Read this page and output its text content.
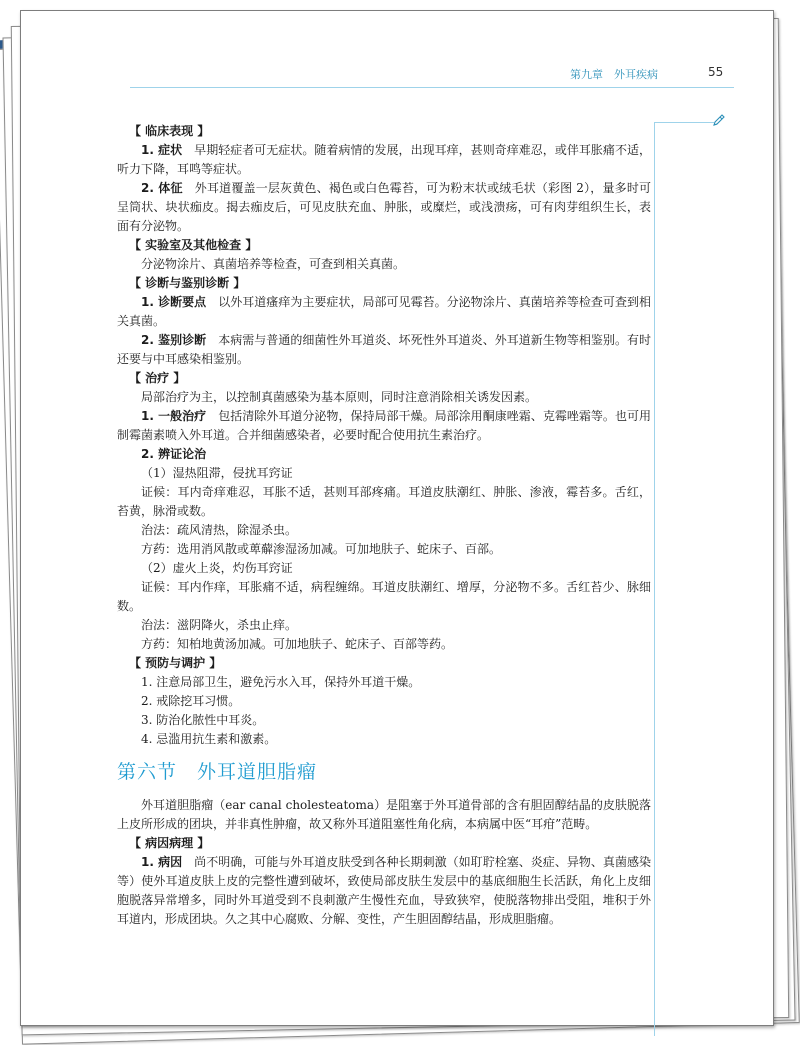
第九章　外耳疾病	55

【 临床表现 】

1. 症状　早期轻症者可无症状。随着病情的发展，出现耳痒，甚则奇痒难忍，或伴耳胀痛不适，听力下降，耳鸣等症状。

2. 体征　外耳道覆盖一层灰黄色、褐色或白色霉苔，可为粉末状或绒毛状（彩图 2），量多时可呈筒状、块状痂皮。揭去痂皮后，可见皮肤充血、肿胀，或糜烂，或浅溃疡，可有肉芽组织生长，表面有分泌物。

【 实验室及其他检查 】

分泌物涂片、真菌培养等检查，可查到相关真菌。

【 诊断与鉴别诊断 】

1. 诊断要点　以外耳道瘙痒为主要症状，局部可见霉苔。分泌物涂片、真菌培养等检查可查到相关真菌。

2. 鉴别诊断　本病需与普通的细菌性外耳道炎、坏死性外耳道炎、外耳道新生物等相鉴别。有时还要与中耳感染相鉴别。

【 治疗 】

局部治疗为主，以控制真菌感染为基本原则，同时注意消除相关诱发因素。

1. 一般治疗　包括清除外耳道分泌物，保持局部干燥。局部涂用酮康唑霜、克霉唑霜等。也可用制霉菌素喷入外耳道。合并细菌感染者，必要时配合使用抗生素治疗。

2. 辨证论治

（1）湿热阻滞，侵扰耳窍证

证候：耳内奇痒难忍，耳胀不适，甚则耳部疼痛。耳道皮肤潮红、肿胀、渗液，霉苔多。舌红，苔黄，脉滑或数。

治法：疏风清热，除湿杀虫。

方药：选用消风散或萆薢渗湿汤加减。可加地肤子、蛇床子、百部。

（2）虚火上炎，灼伤耳窍证

证候：耳内作痒，耳胀痛不适，病程缠绵。耳道皮肤潮红、增厚，分泌物不多。舌红苔少、脉细数。

治法：滋阴降火，杀虫止痒。

方药：知柏地黄汤加减。可加地肤子、蛇床子、百部等药。

【 预防与调护 】

1. 注意局部卫生，避免污水入耳，保持外耳道干燥。

2. 戒除挖耳习惯。

3. 防治化脓性中耳炎。

4. 忌滥用抗生素和激素。

第六节　外耳道胆脂瘤

外耳道胆脂瘤（ear canal cholesteatoma）是阻塞于外耳道骨部的含有胆固醇结晶的皮肤脱落上皮所形成的团块，并非真性肿瘤，故又称外耳道阻塞性角化病，本病属中医“耳疳”范畴。

【 病因病理 】

1. 病因　尚不明确，可能与外耳道皮肤受到各种长期刺激（如耵聍栓塞、炎症、异物、真菌感染等）使外耳道皮肤上皮的完整性遭到破坏，致使局部皮肤生发层中的基底细胞生长活跃，角化上皮细胞脱落异常增多，同时外耳道受到不良刺激产生慢性充血，导致狭窄，使脱落物排出受阻，堆积于外耳道内，形成团块。久之其中心腐败、分解、变性，产生胆固醇结晶，形成胆脂瘤。
